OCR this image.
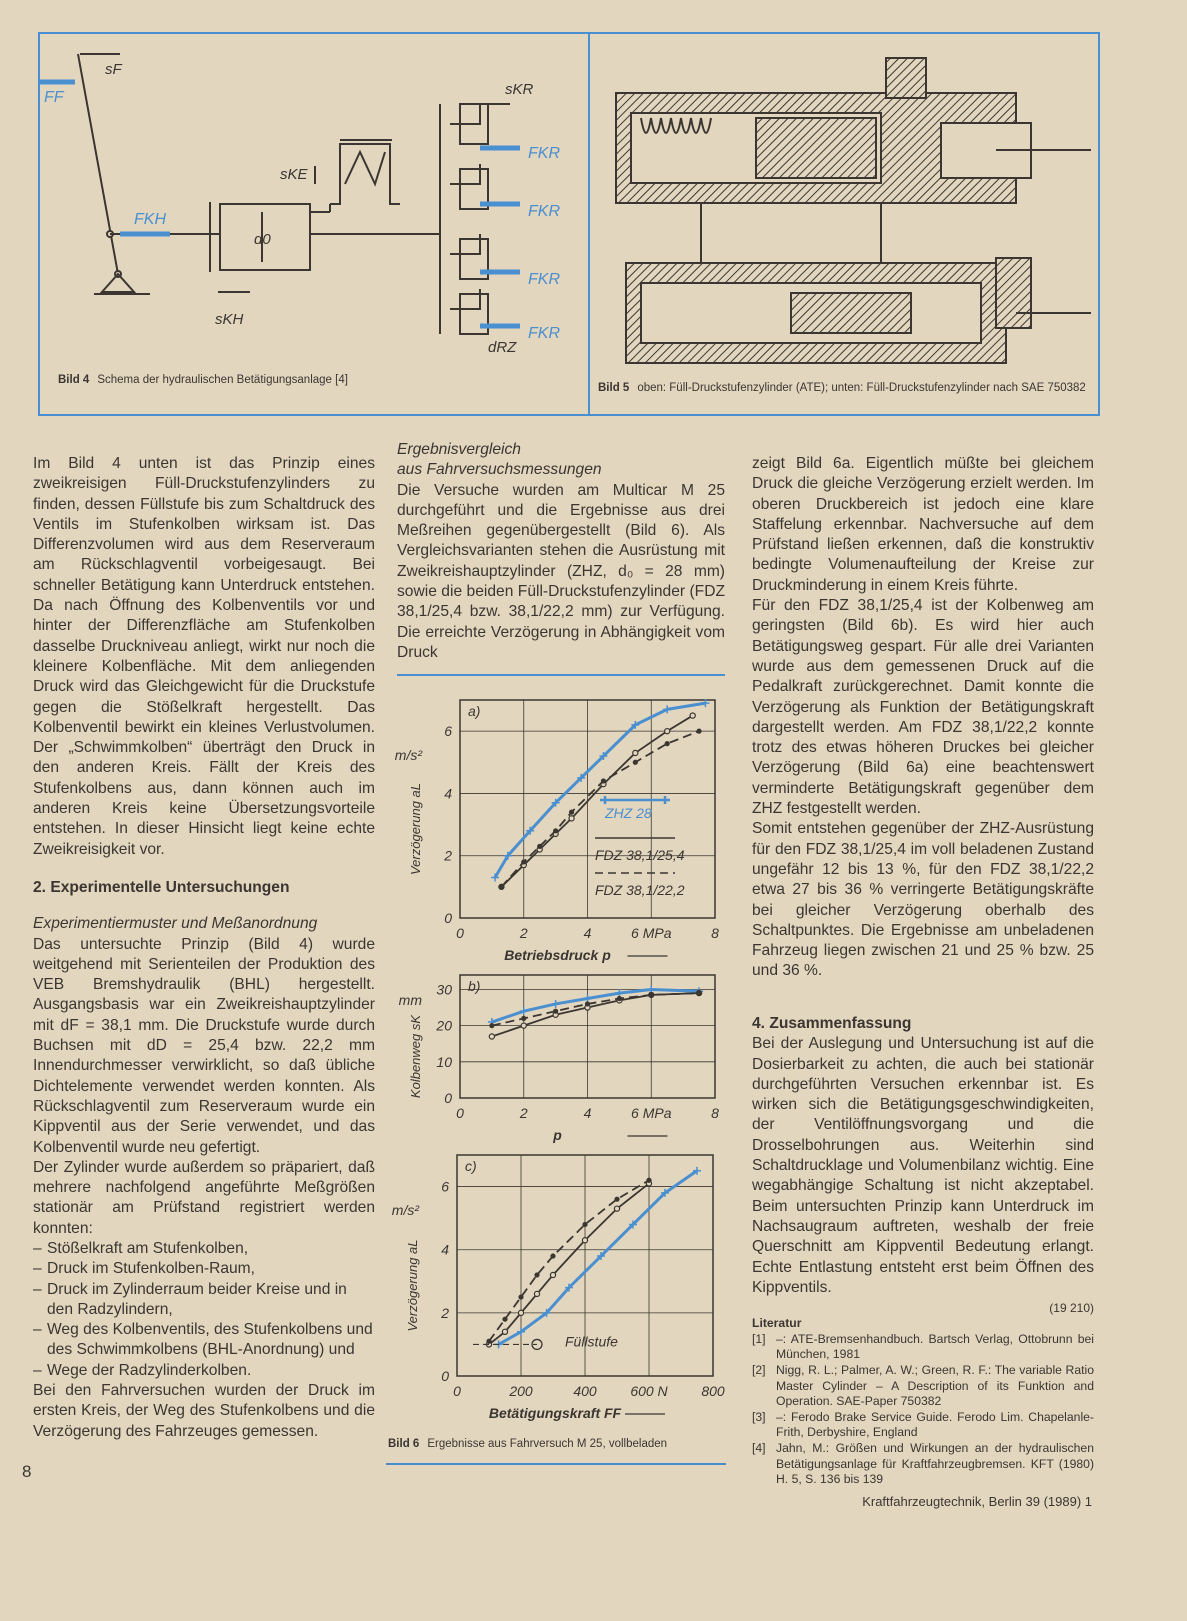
sF
sKE
d0
sKH
sKR
dRZ
FF
FKH
FKR
FKR
FKR
FKR
Bild 4 Schema der hydraulischen Betätigungsanlage [4]
Bild 5 oben: Füll-Druckstufenzylinder (ATE); unten: Füll-Druckstufenzylinder nach SAE 750382

Im Bild 4 unten ist das Prinzip eines zweikreisigen Füll-Druckstufenzylinders zu finden, dessen Füllstufe bis zum Schaltdruck des Ventils im Stufenkolben wirksam ist. Das Differenzvolumen wird aus dem Reserveraum am Rückschlagventil vorbeigesaugt. Bei schneller Betätigung kann Unterdruck entstehen. Da nach Öffnung des Kolbenventils vor und hinter der Differenzfläche am Stufenkolben dasselbe Druckniveau anliegt, wirkt nur noch die kleinere Kolbenfläche. Mit dem anliegenden Druck wird das Gleichgewicht für die Druckstufe gegen die Stößelkraft hergestellt. Das Kolbenventil bewirkt ein kleines Verlustvolumen. Der „Schwimmkolben“ überträgt den Druck in den anderen Kreis. Fällt der Kreis des Stufenkolbens aus, dann können auch im anderen Kreis keine Übersetzungsvorteile entstehen. In dieser Hinsicht liegt keine echte Zweikreisigkeit vor.

2. Experimentelle Untersuchungen

Experimentiermuster und Meßanordnung

Das untersuchte Prinzip (Bild 4) wurde weitgehend mit Serienteilen der Produktion des VEB Bremshydraulik (BHL) hergestellt. Ausgangsbasis war ein Zweikreishauptzylinder mit dF = 38,1 mm. Die Druckstufe wurde durch Buchsen mit dD = 25,4 bzw. 22,2 mm Innendurchmesser verwirklicht, so daß übliche Dichtelemente verwendet werden konnten. Als Rückschlagventil zum Reserveraum wurde ein Kippventil aus der Serie verwendet, und das Kolbenventil wurde neu gefertigt.

Der Zylinder wurde außerdem so präpariert, daß mehrere nachfolgend angeführte Meßgrößen stationär am Prüfstand registriert werden konnten:

– Stößelkraft am Stufenkolben,
– Druck im Stufenkolben-Raum,
– Druck im Zylinderraum beider Kreise und in den Radzylindern,
– Weg des Kolbenventils, des Stufenkolbens und des Schwimmkolbens (BHL-Anordnung) und
– Wege der Radzylinderkolben.

Bei den Fahrversuchen wurden der Druck im ersten Kreis, der Weg des Stufenkolbens und die Verzögerung des Fahrzeuges gemessen.

Ergebnisvergleich

aus Fahrversuchsmessungen

Die Versuche wurden am Multicar M 25 durchgeführt und die Ergebnisse aus drei Meßreihen gegenübergestellt (Bild 6). Als Vergleichsvarianten stehen die Ausrüstung mit Zweikreishauptzylinder (ZHZ, d₀ = 28 mm) sowie die beiden Füll-Druckstufenzylinder (FDZ 38,1/25,4 bzw. 38,1/22,2 mm) zur Verfügung. Die erreichte Verzögerung in Abhängigkeit vom Druck

0	2	4	6 MPa	8
0
2
4
6
a)
Betriebsdruck p
Verzögerung aL
m/s²
ZHZ 28
FDZ 38,1/25,4
FDZ 38,1/22,2
0	2	4	6 MPa	8
0
10
20
30 b)
p
Kolbenweg sK
mm
0	200	400 600 N 800
0
2
4
6
c)
Betätigungskraft FF
Verzögerung aL
m/s²
Füllstufe
Bild 6 Ergebnisse aus Fahrversuch M 25, vollbeladen

zeigt Bild 6a. Eigentlich müßte bei gleichem Druck die gleiche Verzögerung erzielt werden. Im oberen Druckbereich ist jedoch eine klare Staffelung erkennbar. Nachversuche auf dem Prüfstand ließen erkennen, daß die konstruktiv bedingte Volumenaufteilung der Kreise zur Druckminderung in einem Kreis führte.

Für den FDZ 38,1/25,4 ist der Kolbenweg am geringsten (Bild 6b). Es wird hier auch Betätigungsweg gespart. Für alle drei Varianten wurde aus dem gemessenen Druck auf die Pedalkraft zurückgerechnet. Damit konnte die Verzögerung als Funktion der Betätigungskraft dargestellt werden. Am FDZ 38,1/22,2 konnte trotz des etwas höheren Druckes bei gleicher Verzögerung (Bild 6a) eine beachtenswert verminderte Betätigungskraft gegenüber dem ZHZ festgestellt werden.

Somit entstehen gegenüber der ZHZ-Ausrüstung für den FDZ 38,1/25,4 im voll beladenen Zustand ungefähr 12 bis 13 %, für den FDZ 38,1/22,2 etwa 27 bis 36 % verringerte Betätigungskräfte bei gleicher Verzögerung oberhalb des Schaltpunktes. Die Ergebnisse am unbeladenen Fahrzeug liegen zwischen 21 und 25 % bzw. 25 und 36 %.

4. Zusammenfassung

Bei der Auslegung und Untersuchung ist auf die Dosierbarkeit zu achten, die auch bei stationär durchgeführten Versuchen erkennbar ist. Es wirken sich die Betätigungsgeschwindigkeiten, der Ventilöffnungsvorgang und die Drosselbohrungen aus. Weiterhin sind Schaltdrucklage und Volumenbilanz wichtig. Eine wegabhängige Schaltung ist nicht akzeptabel. Beim untersuchten Prinzip kann Unterdruck im Nachsaugraum auftreten, weshalb der freie Querschnitt am Kippventil Bedeutung erlangt. Echte Entlastung entsteht erst beim Öffnen des Kippventils.

(19 210)
Literatur
[1] –: ATE-Bremsenhandbuch. Bartsch Verlag, Ottobrunn bei München, 1981
[2] Nigg, R. L.; Palmer, A. W.; Green, R. F.: The variable Ratio Master Cylinder – A Description of its Funktion and Operation. SAE-Paper 750382
[3] –: Ferodo Brake Service Guide. Ferodo Lim. Chapelanle-Frith, Derbyshire, England
[4] Jahn, M.: Größen und Wirkungen an der hydraulischen Betätigungsanlage für Kraftfahrzeugbremsen. KFT (1980) H. 5, S. 136 bis 139
8
Kraftfahrzeugtechnik, Berlin 39 (1989) 1
